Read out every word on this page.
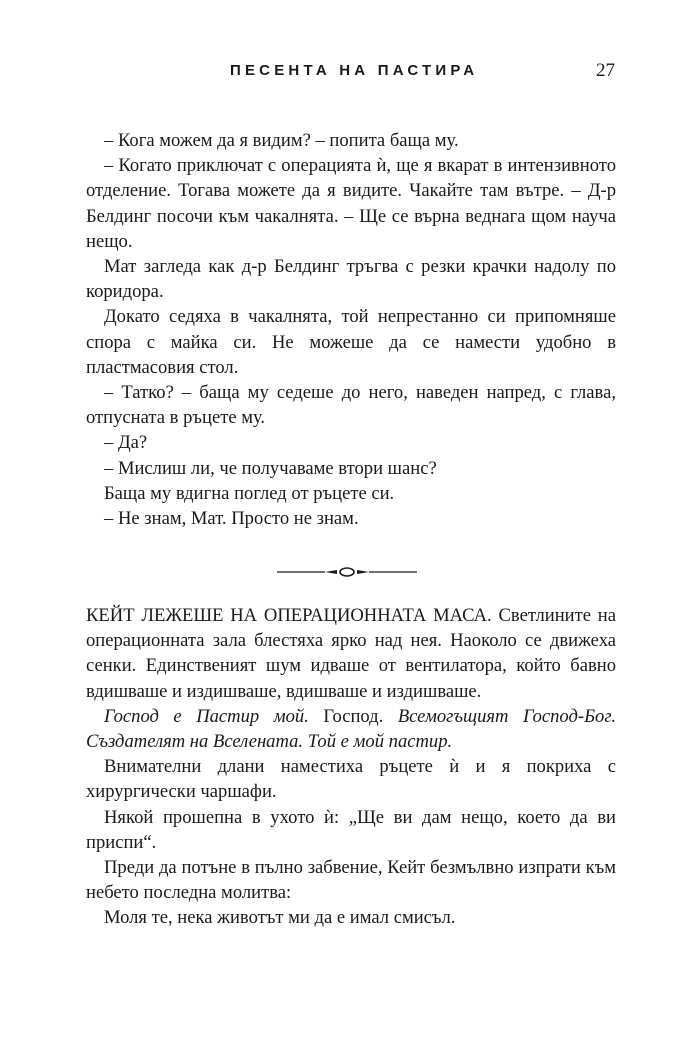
ПЕСЕНТА НА ПАСТИРА	27

– Кога можем да я видим? – попита баща му.

– Когато приключат с операцията ѝ, ще я вкарат в интензивното отделение. Тогава можете да я видите. Чакайте там вътре. – Д-р Белдинг посочи към чакалнята. – Ще се върна веднага щом науча нещо.

Мат загледа как д-р Белдинг тръгва с резки крачки надолу по коридора.

Докато седяха в чакалнята, той непрестанно си припомняше спора с майка си. Не можеше да се намести удобно в пластмасовия стол.

– Татко? – баща му седеше до него, наведен напред, с глава, отпусната в ръцете му.

– Да?

– Мислиш ли, че получаваме втори шанс?

Баща му вдигна поглед от ръцете си.

– Не знам, Мат. Просто не знам.

КЕЙТ ЛЕЖЕШЕ НА ОПЕРАЦИОННАТА МАСА. Светлините на операционната зала блестяха ярко над нея. Наоколо се движеха сенки. Единственият шум идваше от вентилатора, който бавно вдишваше и издишваше, вдишваше и издишваше.

Господ е Пастир мой. Господ. Всемогъщият Господ-Бог. Създателят на Вселената. Той е мой пастир.

Внимателни длани наместиха ръцете ѝ и я покриха с хирургически чаршафи.

Някой прошепна в ухото ѝ: „Ще ви дам нещо, което да ви приспи“.

Преди да потъне в пълно забвение, Кейт безмълвно изпрати към небето последна молитва:

Моля те, нека животът ми да е имал смисъл.
